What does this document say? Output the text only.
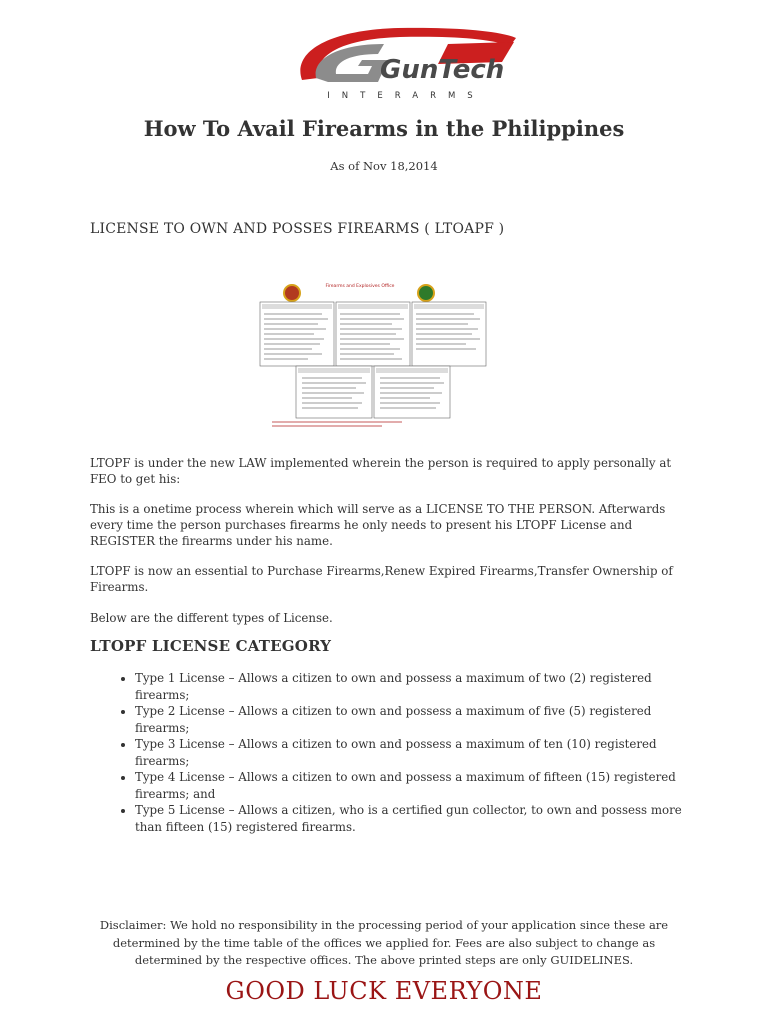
GunTech
INTERARMS
How To Avail Firearms in the Philippines
As of Nov 18,2014
LICENSE TO OWN AND POSSES FIREARMS ( LTOAPF )
Firearms and Explosives Office

LTOPF is under the new LAW implemented wherein the person is required to apply personally at FEO to get his:

This is a onetime process wherein which will serve as a LICENSE TO THE PERSON. Afterwards every time the person purchases firearms he only needs to present his LTOPF License and REGISTER the firearms under his name.

LTOPF is now an essential to Purchase Firearms,Renew Expired Firearms,Transfer Ownership of Firearms.

Below are the different types of License.

LTOPF LICENSE CATEGORY
• Type 1 License – Allows a citizen to own and possess a maximum of two (2) registered firearms;
• Type 2 License – Allows a citizen to own and possess a maximum of five (5) registered firearms;
• Type 3 License – Allows a citizen to own and possess a maximum of ten (10) registered firearms;
• Type 4 License – Allows a citizen to own and possess a maximum of fifteen (15) registered firearms; and
• Type 5 License – Allows a citizen, who is a certified gun collector, to own and possess more than fifteen (15) registered firearms.
Disclaimer: We hold no responsibility in the processing period of your application since these are determined by the time table of the offices we applied for. Fees are also subject to change as determined by the respective offices. The above printed steps are only GUIDELINES.
GOOD LUCK EVERYONE
